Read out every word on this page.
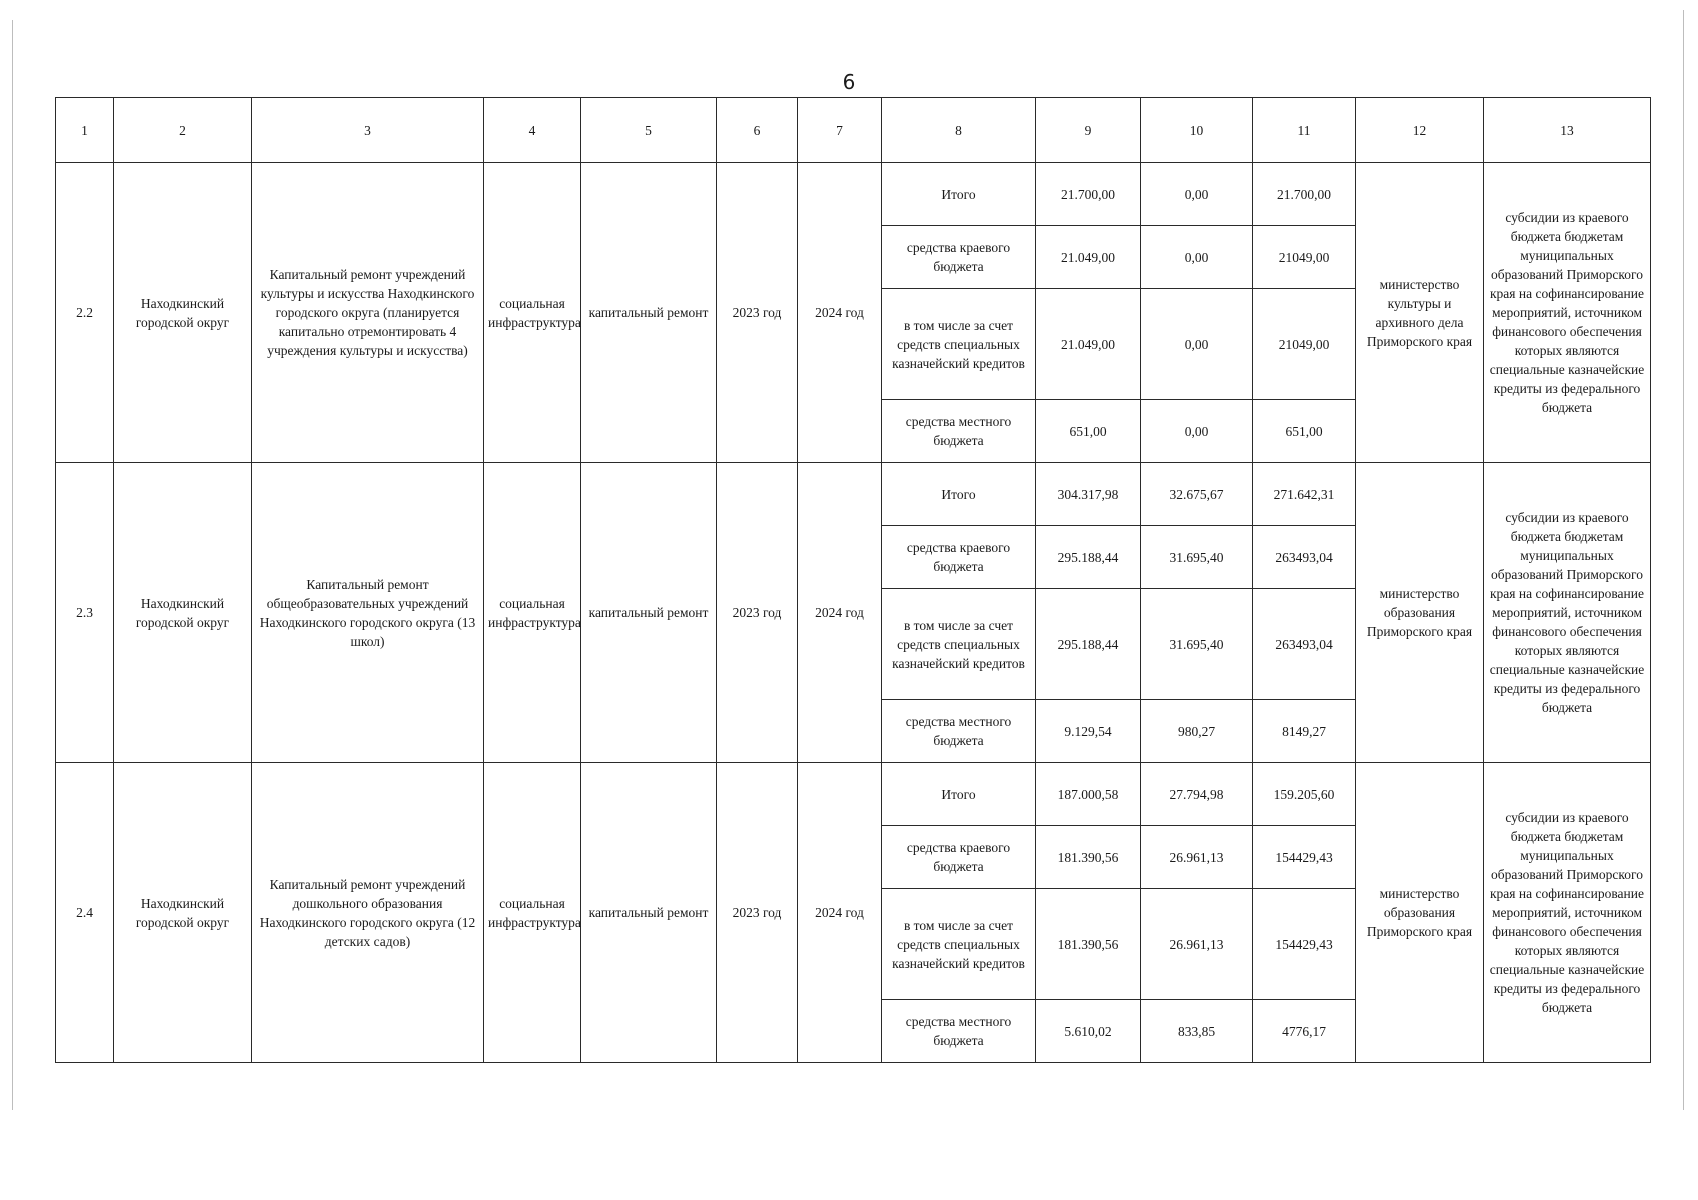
6
1	2	3	4	5	6	7	8	9	10	11	12	13
2.2	Находкинский городской округ	Капитальный ремонт учреждений культуры и искусства Находкинского городского округа (планируется капитально отремонтировать 4 учреждения культуры и искусства)	социальная инфраструктура	капитальный ремонт	2023 год	2024 год	Итого	21.700,00	0,00	21.700,00	министерство культуры и архивного дела Приморского края	субсидии из краевого бюджета бюджетам муниципальных образований Приморского края на софинансирование мероприятий, источником финансового обеспечения которых являются специальные казначейские кредиты из федерального бюджета
							средства краевого бюджета	21.049,00	0,00	21049,00		
							в том числе за счет средств специальных казначейский кредитов	21.049,00	0,00	21049,00		
							средства местного бюджета	651,00	0,00	651,00		
2.3	Находкинский городской округ	Капитальный ремонт общеобразовательных учреждений Находкинского городского округа (13 школ)	социальная инфраструктура	капитальный ремонт	2023 год	2024 год	Итого	304.317,98	32.675,67	271.642,31	министерство образования Приморского края	субсидии из краевого бюджета бюджетам муниципальных образований Приморского края на софинансирование мероприятий, источником финансового обеспечения которых являются специальные казначейские кредиты из федерального бюджета
							средства краевого бюджета	295.188,44	31.695,40	263493,04		
							в том числе за счет средств специальных казначейский кредитов	295.188,44	31.695,40	263493,04		
							средства местного бюджета	9.129,54	980,27	8149,27		
2.4	Находкинский городской округ	Капитальный ремонт учреждений дошкольного образования Находкинского городского округа (12 детских садов)	социальная инфраструктура	капитальный ремонт	2023 год	2024 год	Итого	187.000,58	27.794,98	159.205,60	министерство образования Приморского края	субсидии из краевого бюджета бюджетам муниципальных образований Приморского края на софинансирование мероприятий, источником финансового обеспечения которых являются специальные казначейские кредиты из федерального бюджета
							средства краевого бюджета	181.390,56	26.961,13	154429,43		
							в том числе за счет средств специальных казначейский кредитов	181.390,56	26.961,13	154429,43		
							средства местного бюджета	5.610,02	833,85	4776,17		
